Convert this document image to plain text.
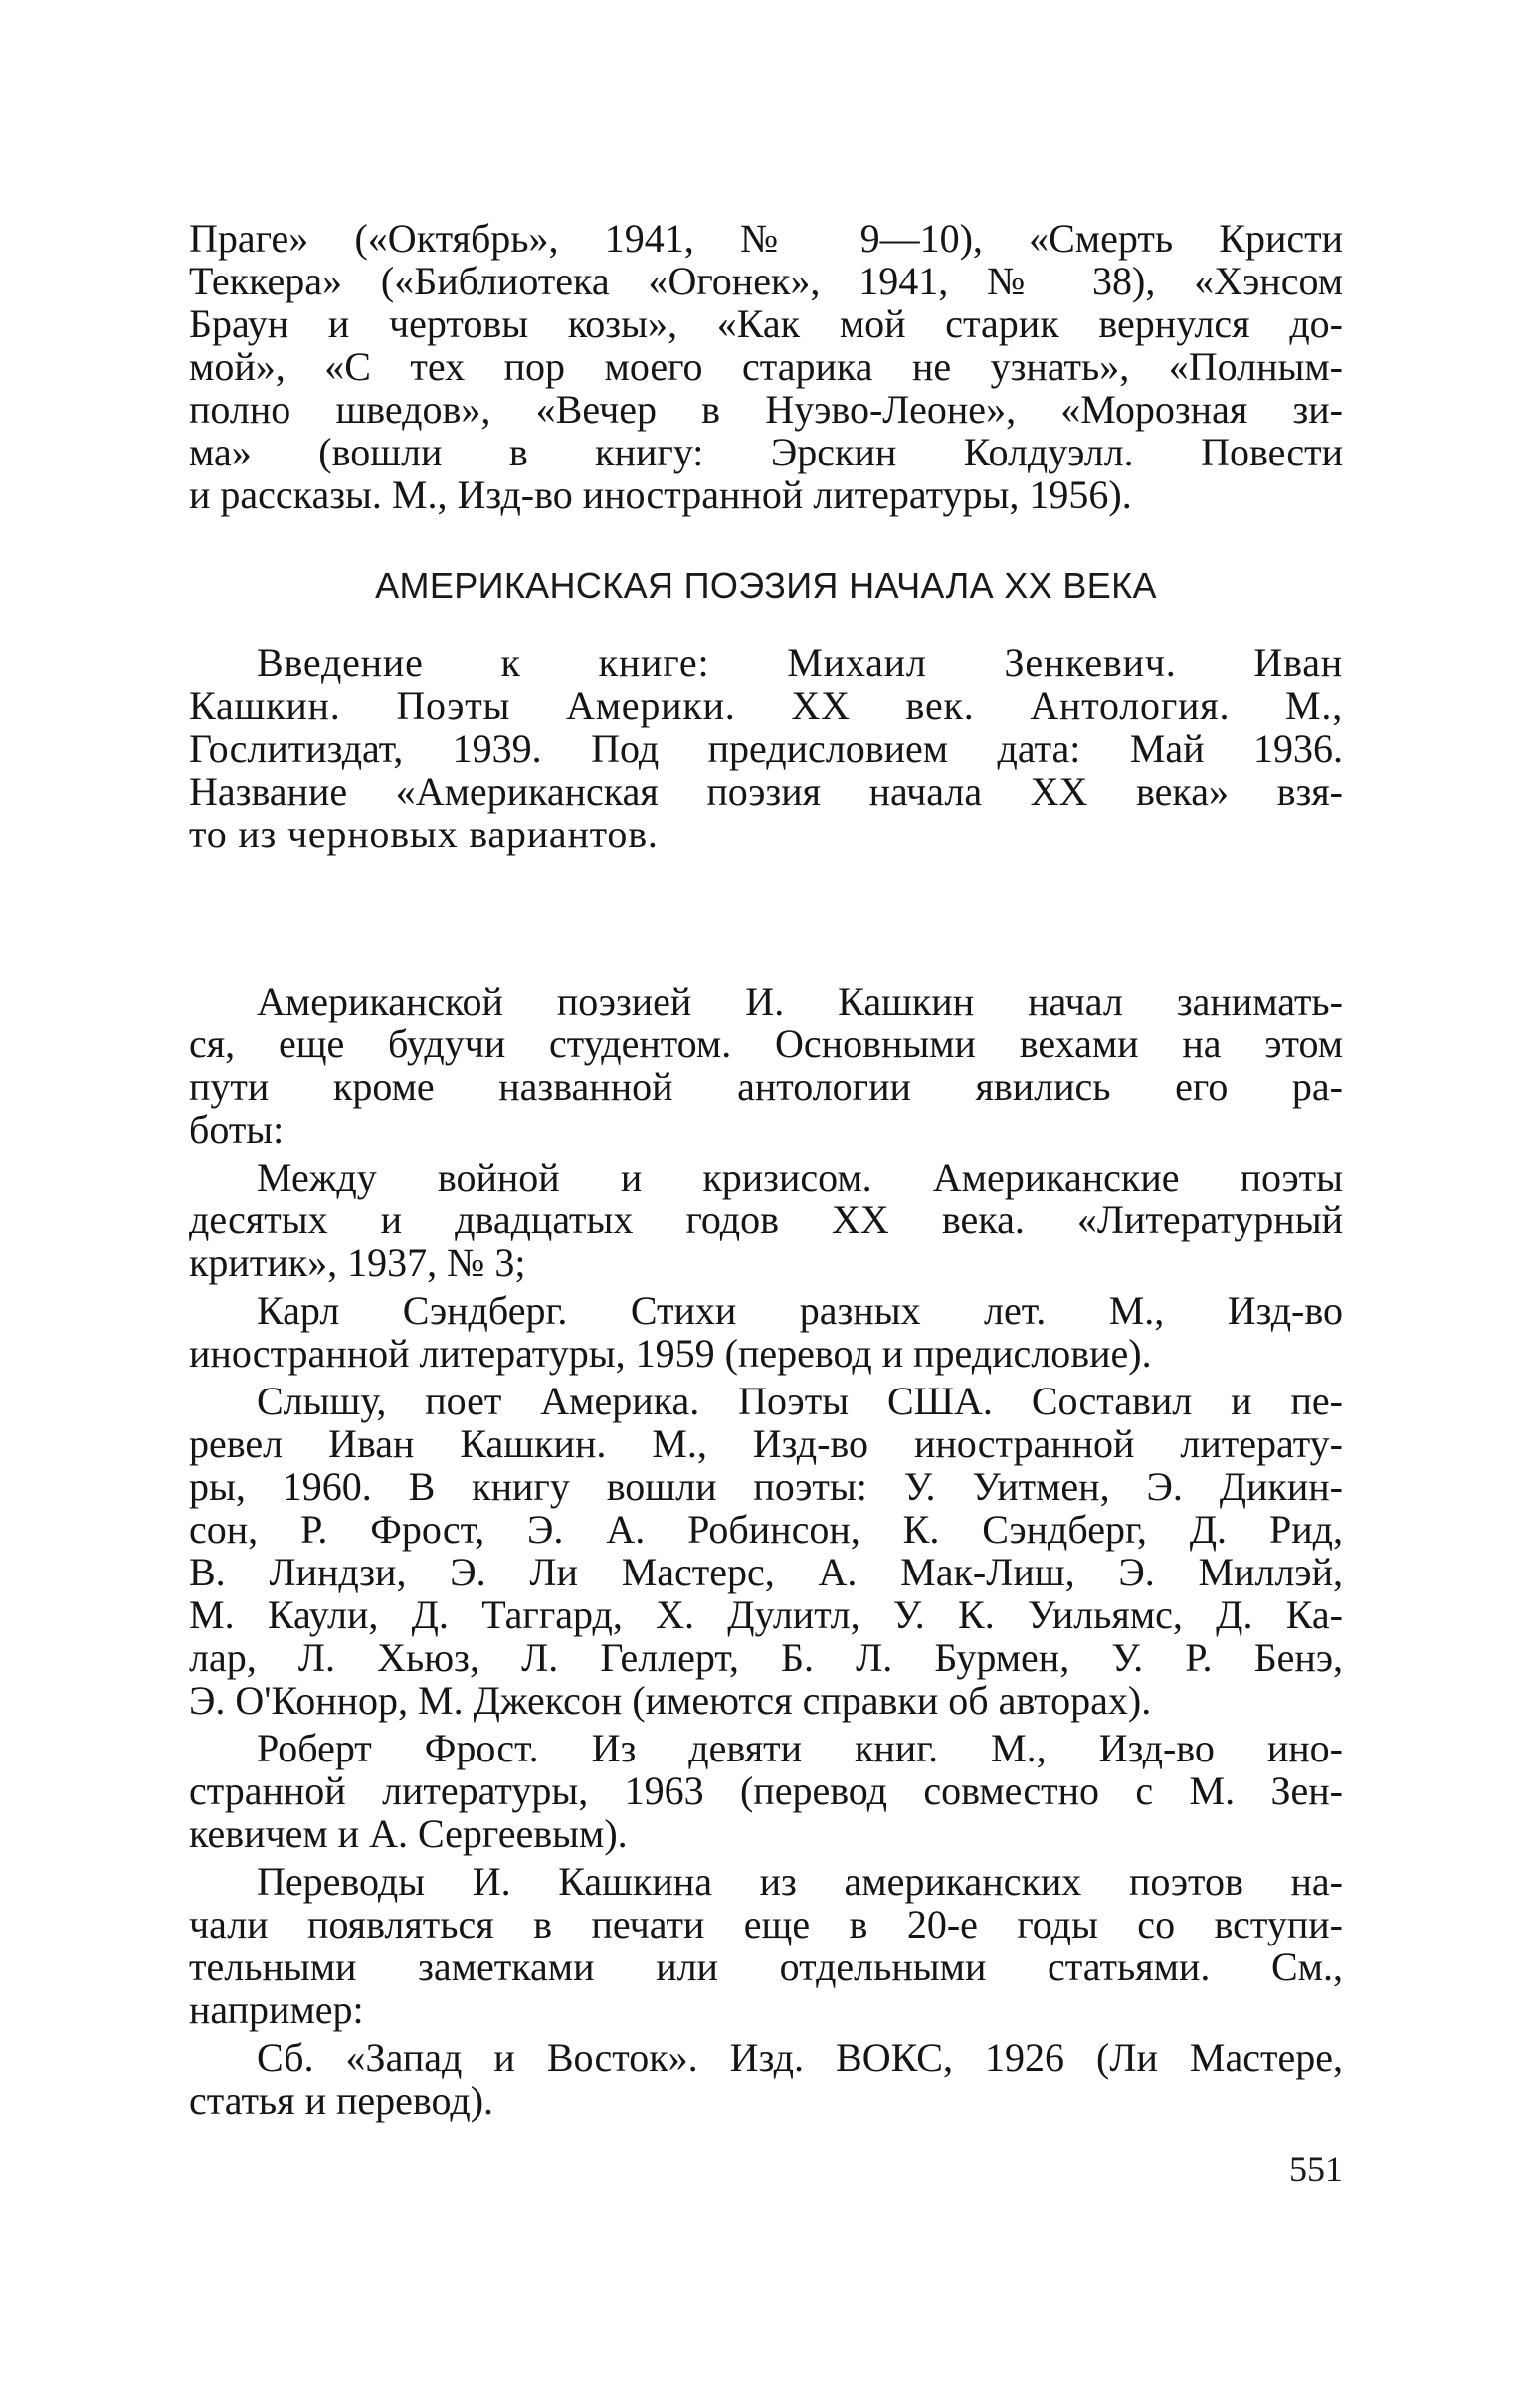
Праге» («Октябрь», 1941, № 9—10), «Смерть Кристи
Теккера» («Библиотека «Огонек», 1941, № 38), «Хэнсом
Браун и чертовы козы», «Как мой старик вернулся до-
мой», «С тех пор моего старика не узнать», «Полным-
полно шведов», «Вечер в Нуэво-Леоне», «Морозная зи-
ма» (вошли в книгу: Эрскин Колдуэлл. Повести
и рассказы. М., Изд-во иностранной литературы, 1956).
АМЕРИКАНСКАЯ ПОЭЗИЯ НАЧАЛА XX ВЕКА
Введение к книге: Михаил Зенкевич. Иван
Кашкин. Поэты Америки. XX век. Антология. М.,
Гослитиздат, 1939. Под предисловием дата: Май 1936.
Название «Американская поэзия начала XX века» взя-
то из черновых вариантов.
Американской поэзией И. Кашкин начал занимать-
ся, еще будучи студентом. Основными вехами на этом
пути кроме названной антологии явились его ра-
боты:
Между войной и кризисом. Американские поэты
десятых и двадцатых годов XX века. «Литературный
критик», 1937, № 3;
Карл Сэндберг. Стихи разных лет. М., Изд-во
иностранной литературы, 1959 (перевод и предисловие).
Слышу, поет Америка. Поэты США. Составил и пе-
ревел Иван Кашкин. М., Изд-во иностранной литерату-
ры, 1960. В книгу вошли поэты: У. Уитмен, Э. Дикин-
сон, Р. Фрост, Э. А. Робинсон, К. Сэндберг, Д. Рид,
В. Линдзи, Э. Ли Мастерс, А. Мак-Лиш, Э. Миллэй,
М. Каули, Д. Таггард, Х. Дулитл, У. К. Уильямс, Д. Ка-
лар, Л. Хьюз, Л. Геллерт, Б. Л. Бурмен, У. Р. Бенэ,
Э. О'Коннор, М. Джексон (имеются справки об авторах).
Роберт Фрост. Из девяти книг. М., Изд-во ино-
странной литературы, 1963 (перевод совместно с М. Зен-
кевичем и А. Сергеевым).
Переводы И. Кашкина из американских поэтов на-
чали появляться в печати еще в 20-е годы со вступи-
тельными заметками или отдельными статьями. См.,
например:
Сб. «Запад и Восток». Изд. ВОКС, 1926 (Ли Мастере,
статья и перевод).
551
